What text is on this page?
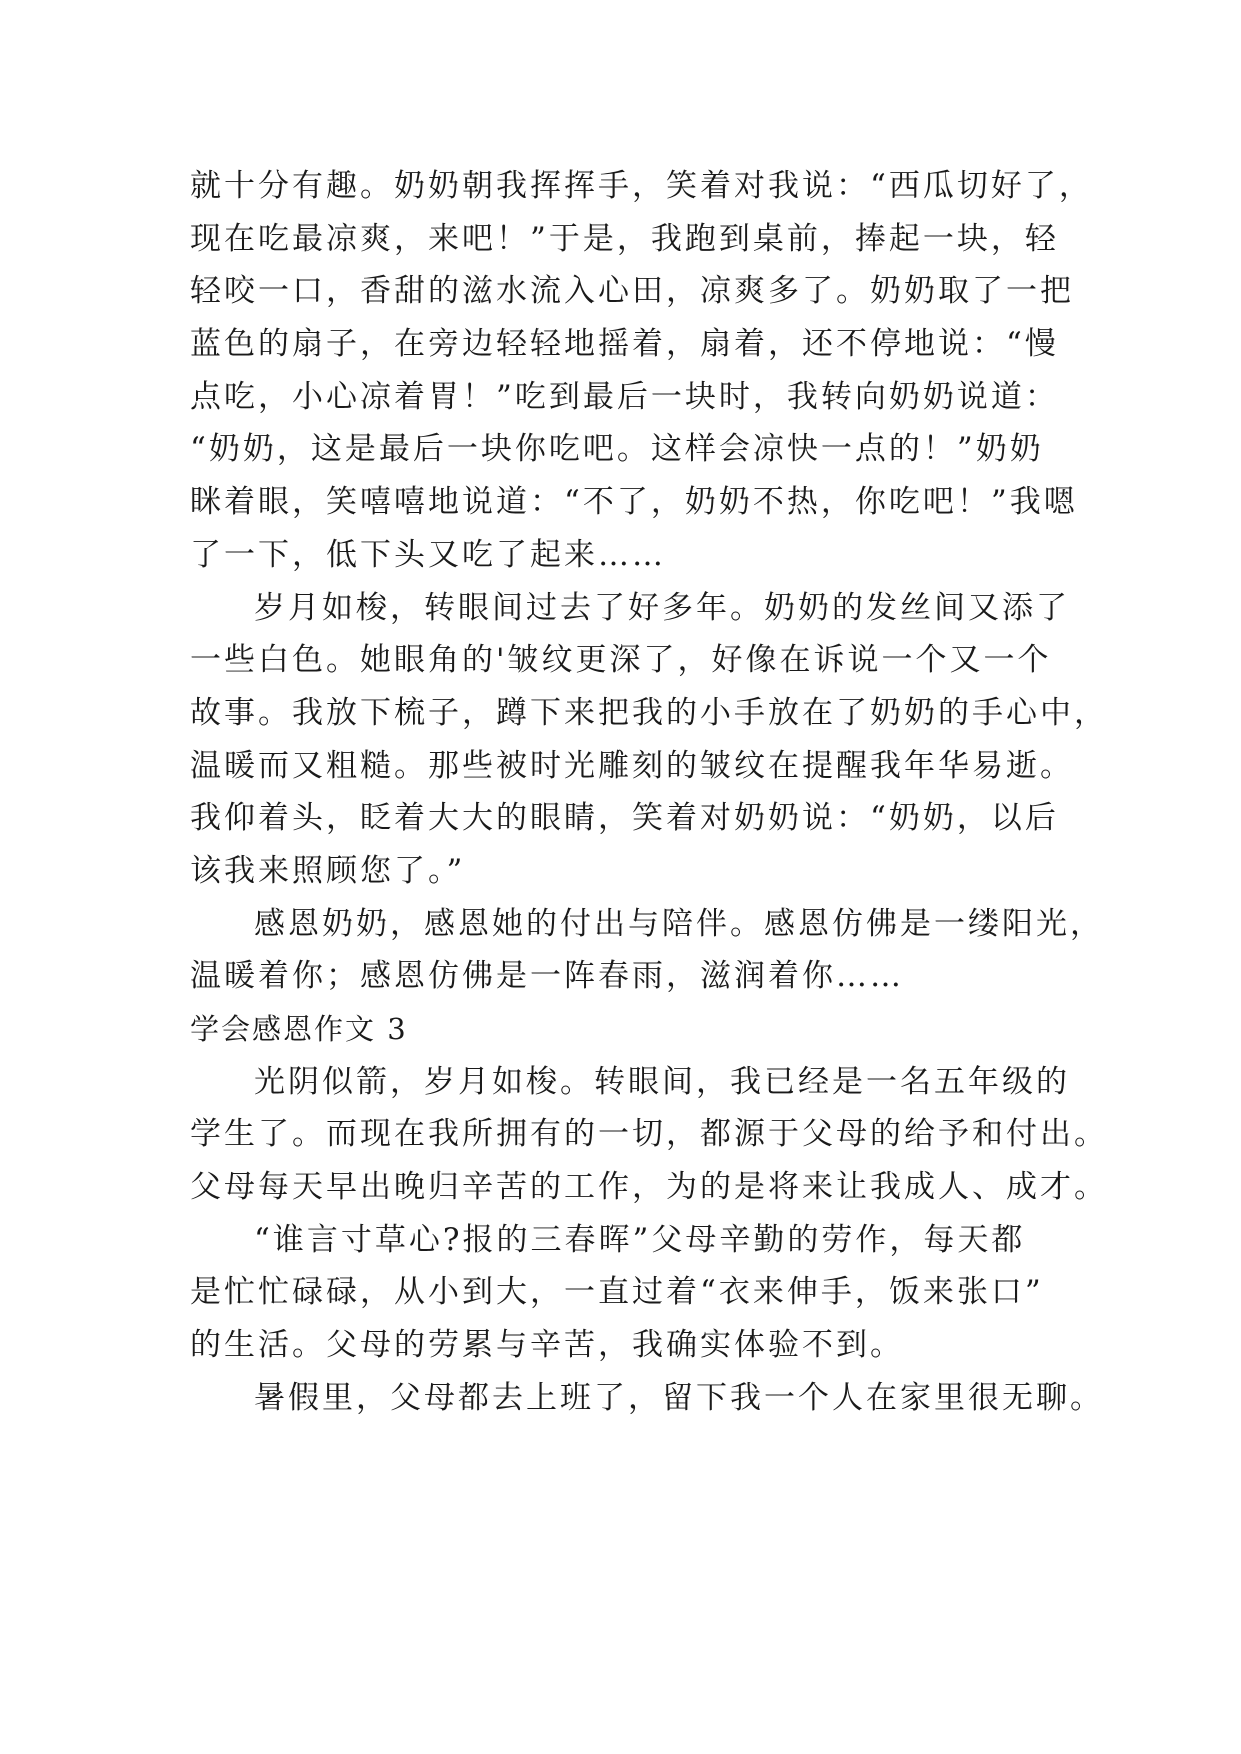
就十分有趣。奶奶朝我挥挥手，笑着对我说：“西瓜切好了，
现在吃最凉爽，来吧！”于是，我跑到桌前，捧起一块，轻
轻咬一口，香甜的滋水流入心田，凉爽多了。奶奶取了一把
蓝色的扇子，在旁边轻轻地摇着，扇着，还不停地说：“慢
点吃，小心凉着胃！”吃到最后一块时，我转向奶奶说道：
“奶奶，这是最后一块你吃吧。这样会凉快一点的！”奶奶
眯着眼，笑嘻嘻地说道：“不了，奶奶不热，你吃吧！”我嗯
了一下，低下头又吃了起来……
岁月如梭，转眼间过去了好多年。奶奶的发丝间又添了
一些白色。她眼角的'皱纹更深了，好像在诉说一个又一个
故事。我放下梳子，蹲下来把我的小手放在了奶奶的手心中，
温暖而又粗糙。那些被时光雕刻的皱纹在提醒我年华易逝。
我仰着头，眨着大大的眼睛，笑着对奶奶说：“奶奶，以后
该我来照顾您了。”
感恩奶奶，感恩她的付出与陪伴。感恩仿佛是一缕阳光，
温暖着你；感恩仿佛是一阵春雨，滋润着你……
学会感恩作文 3
光阴似箭，岁月如梭。转眼间，我已经是一名五年级的
学生了。而现在我所拥有的一切，都源于父母的给予和付出。
父母每天早出晚归辛苦的工作，为的是将来让我成人、成才。
“谁言寸草心?报的三春晖”父母辛勤的劳作，每天都
是忙忙碌碌，从小到大，一直过着“衣来伸手，饭来张口”
的生活。父母的劳累与辛苦，我确实体验不到。
暑假里，父母都去上班了，留下我一个人在家里很无聊。
